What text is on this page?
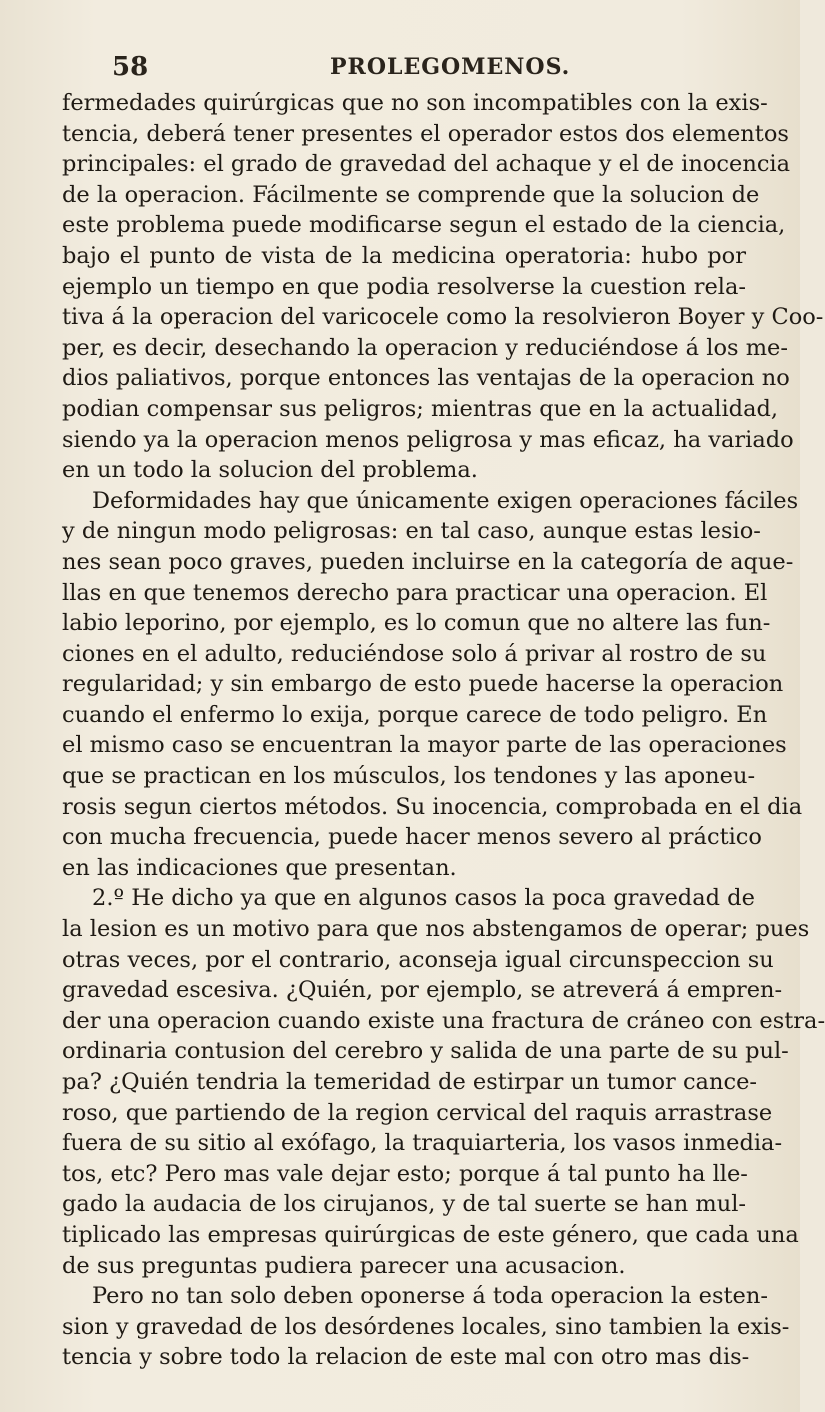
58	PROLEGOMENOS.

fermedades quirúrgicas que no son incompatibles con la exis-
tencia, deberá tener presentes el operador estos dos elementos
principales: el grado de gravedad del achaque y el de inocencia
de la operacion. Fácilmente se comprende que la solucion de
este problema puede modificarse segun el estado de la ciencia,
bajo el punto de vista de la medicina operatoria: hubo por
ejemplo un tiempo en que podia resolverse la cuestion rela-
tiva á la operacion del varicocele como la resolvieron Boyer y Coo-
per, es decir, desechando la operacion y reduciéndose á los me-
dios paliativos, porque entonces las ventajas de la operacion no
podian compensar sus peligros; mientras que en la actualidad,
siendo ya la operacion menos peligrosa y mas eficaz, ha variado
en un todo la solucion del problema.

Deformidades hay que únicamente exigen operaciones fáciles
y de ningun modo peligrosas: en tal caso, aunque estas lesio-
nes sean poco graves, pueden incluirse en la categoría de aque-
llas en que tenemos derecho para practicar una operacion. El
labio leporino, por ejemplo, es lo comun que no altere las fun-
ciones en el adulto, reduciéndose solo á privar al rostro de su
regularidad; y sin embargo de esto puede hacerse la operacion
cuando el enfermo lo exija, porque carece de todo peligro. En
el mismo caso se encuentran la mayor parte de las operaciones
que se practican en los músculos, los tendones y las aponeu-
rosis segun ciertos métodos. Su inocencia, comprobada en el dia
con mucha frecuencia, puede hacer menos severo al práctico
en las indicaciones que presentan.

2.º He dicho ya que en algunos casos la poca gravedad de
la lesion es un motivo para que nos abstengamos de operar; pues
otras veces, por el contrario, aconseja igual circunspeccion su
gravedad escesiva. ¿Quién, por ejemplo, se atreverá á empren-
der una operacion cuando existe una fractura de cráneo con estra-
ordinaria contusion del cerebro y salida de una parte de su pul-
pa? ¿Quién tendria la temeridad de estirpar un tumor cance-
roso, que partiendo de la region cervical del raquis arrastrase
fuera de su sitio al exófago, la traquiarteria, los vasos inmedia-
tos, etc? Pero mas vale dejar esto; porque á tal punto ha lle-
gado la audacia de los cirujanos, y de tal suerte se han mul-
tiplicado las empresas quirúrgicas de este género, que cada una
de sus preguntas pudiera parecer una acusacion.

Pero no tan solo deben oponerse á toda operacion la esten-
sion y gravedad de los desórdenes locales, sino tambien la exis-
tencia y sobre todo la relacion de este mal con otro mas dis-
